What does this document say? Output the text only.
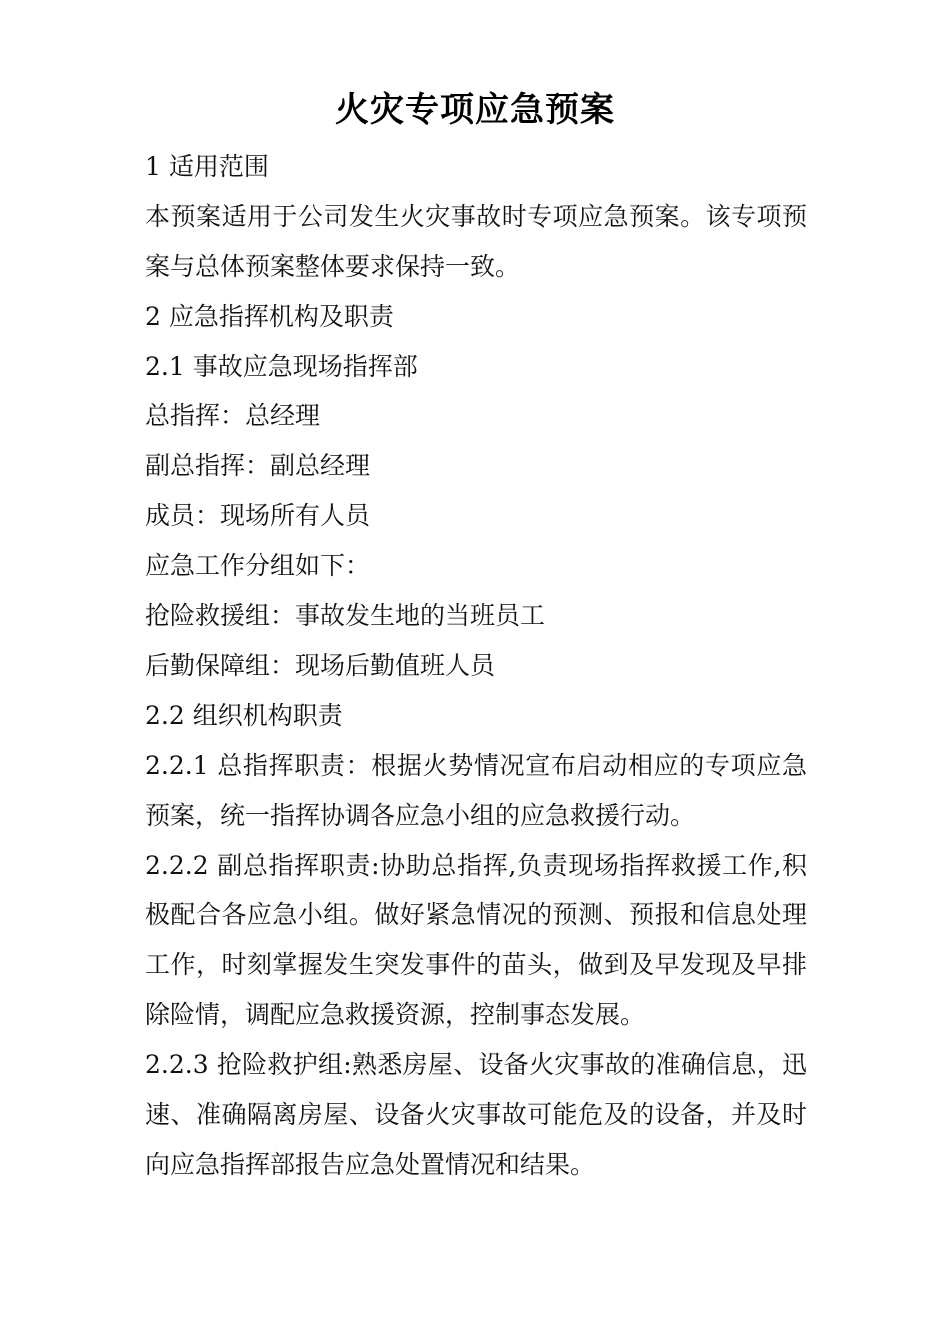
火灾专项应急预案
1 适用范围
本预案适用于公司发生火灾事故时专项应急预案。该专项预案与总体预案整体要求保持一致。
2 应急指挥机构及职责
2.1 事故应急现场指挥部
总指挥：总经理
副总指挥：副总经理
成员：现场所有人员
应急工作分组如下：
抢险救援组：事故发生地的当班员工
后勤保障组：现场后勤值班人员
2.2 组织机构职责
2.2.1 总指挥职责：根据火势情况宣布启动相应的专项应急预案，统一指挥协调各应急小组的应急救援行动。
2.2.2 副总指挥职责:协助总指挥,负责现场指挥救援工作,积极配合各应急小组。做好紧急情况的预测、预报和信息处理工作，时刻掌握发生突发事件的苗头，做到及早发现及早排除险情，调配应急救援资源，控制事态发展。
2.2.3 抢险救护组:熟悉房屋、设备火灾事故的准确信息，迅速、准确隔离房屋、设备火灾事故可能危及的设备，并及时向应急指挥部报告应急处置情况和结果。
